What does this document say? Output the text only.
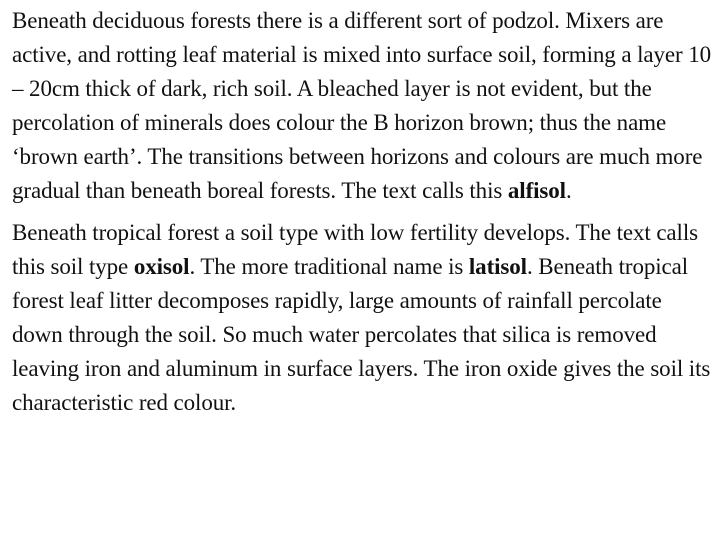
Beneath deciduous forests there is a different sort of podzol. Mixers are active, and rotting leaf material is mixed into surface soil, forming a layer 10 – 20cm thick of dark, rich soil. A bleached layer is not evident, but the percolation of minerals does colour the B horizon brown; thus the name ‘brown earth’. The transitions between horizons and colours are much more gradual than beneath boreal forests. The text calls this alfisol.

Beneath tropical forest a soil type with low fertility develops. The text calls this soil type oxisol. The more traditional name is latisol. Beneath tropical forest leaf litter decomposes rapidly, large amounts of rainfall percolate down through the soil. So much water percolates that silica is removed leaving iron and aluminum in surface layers. The iron oxide gives the soil its characteristic red colour.
